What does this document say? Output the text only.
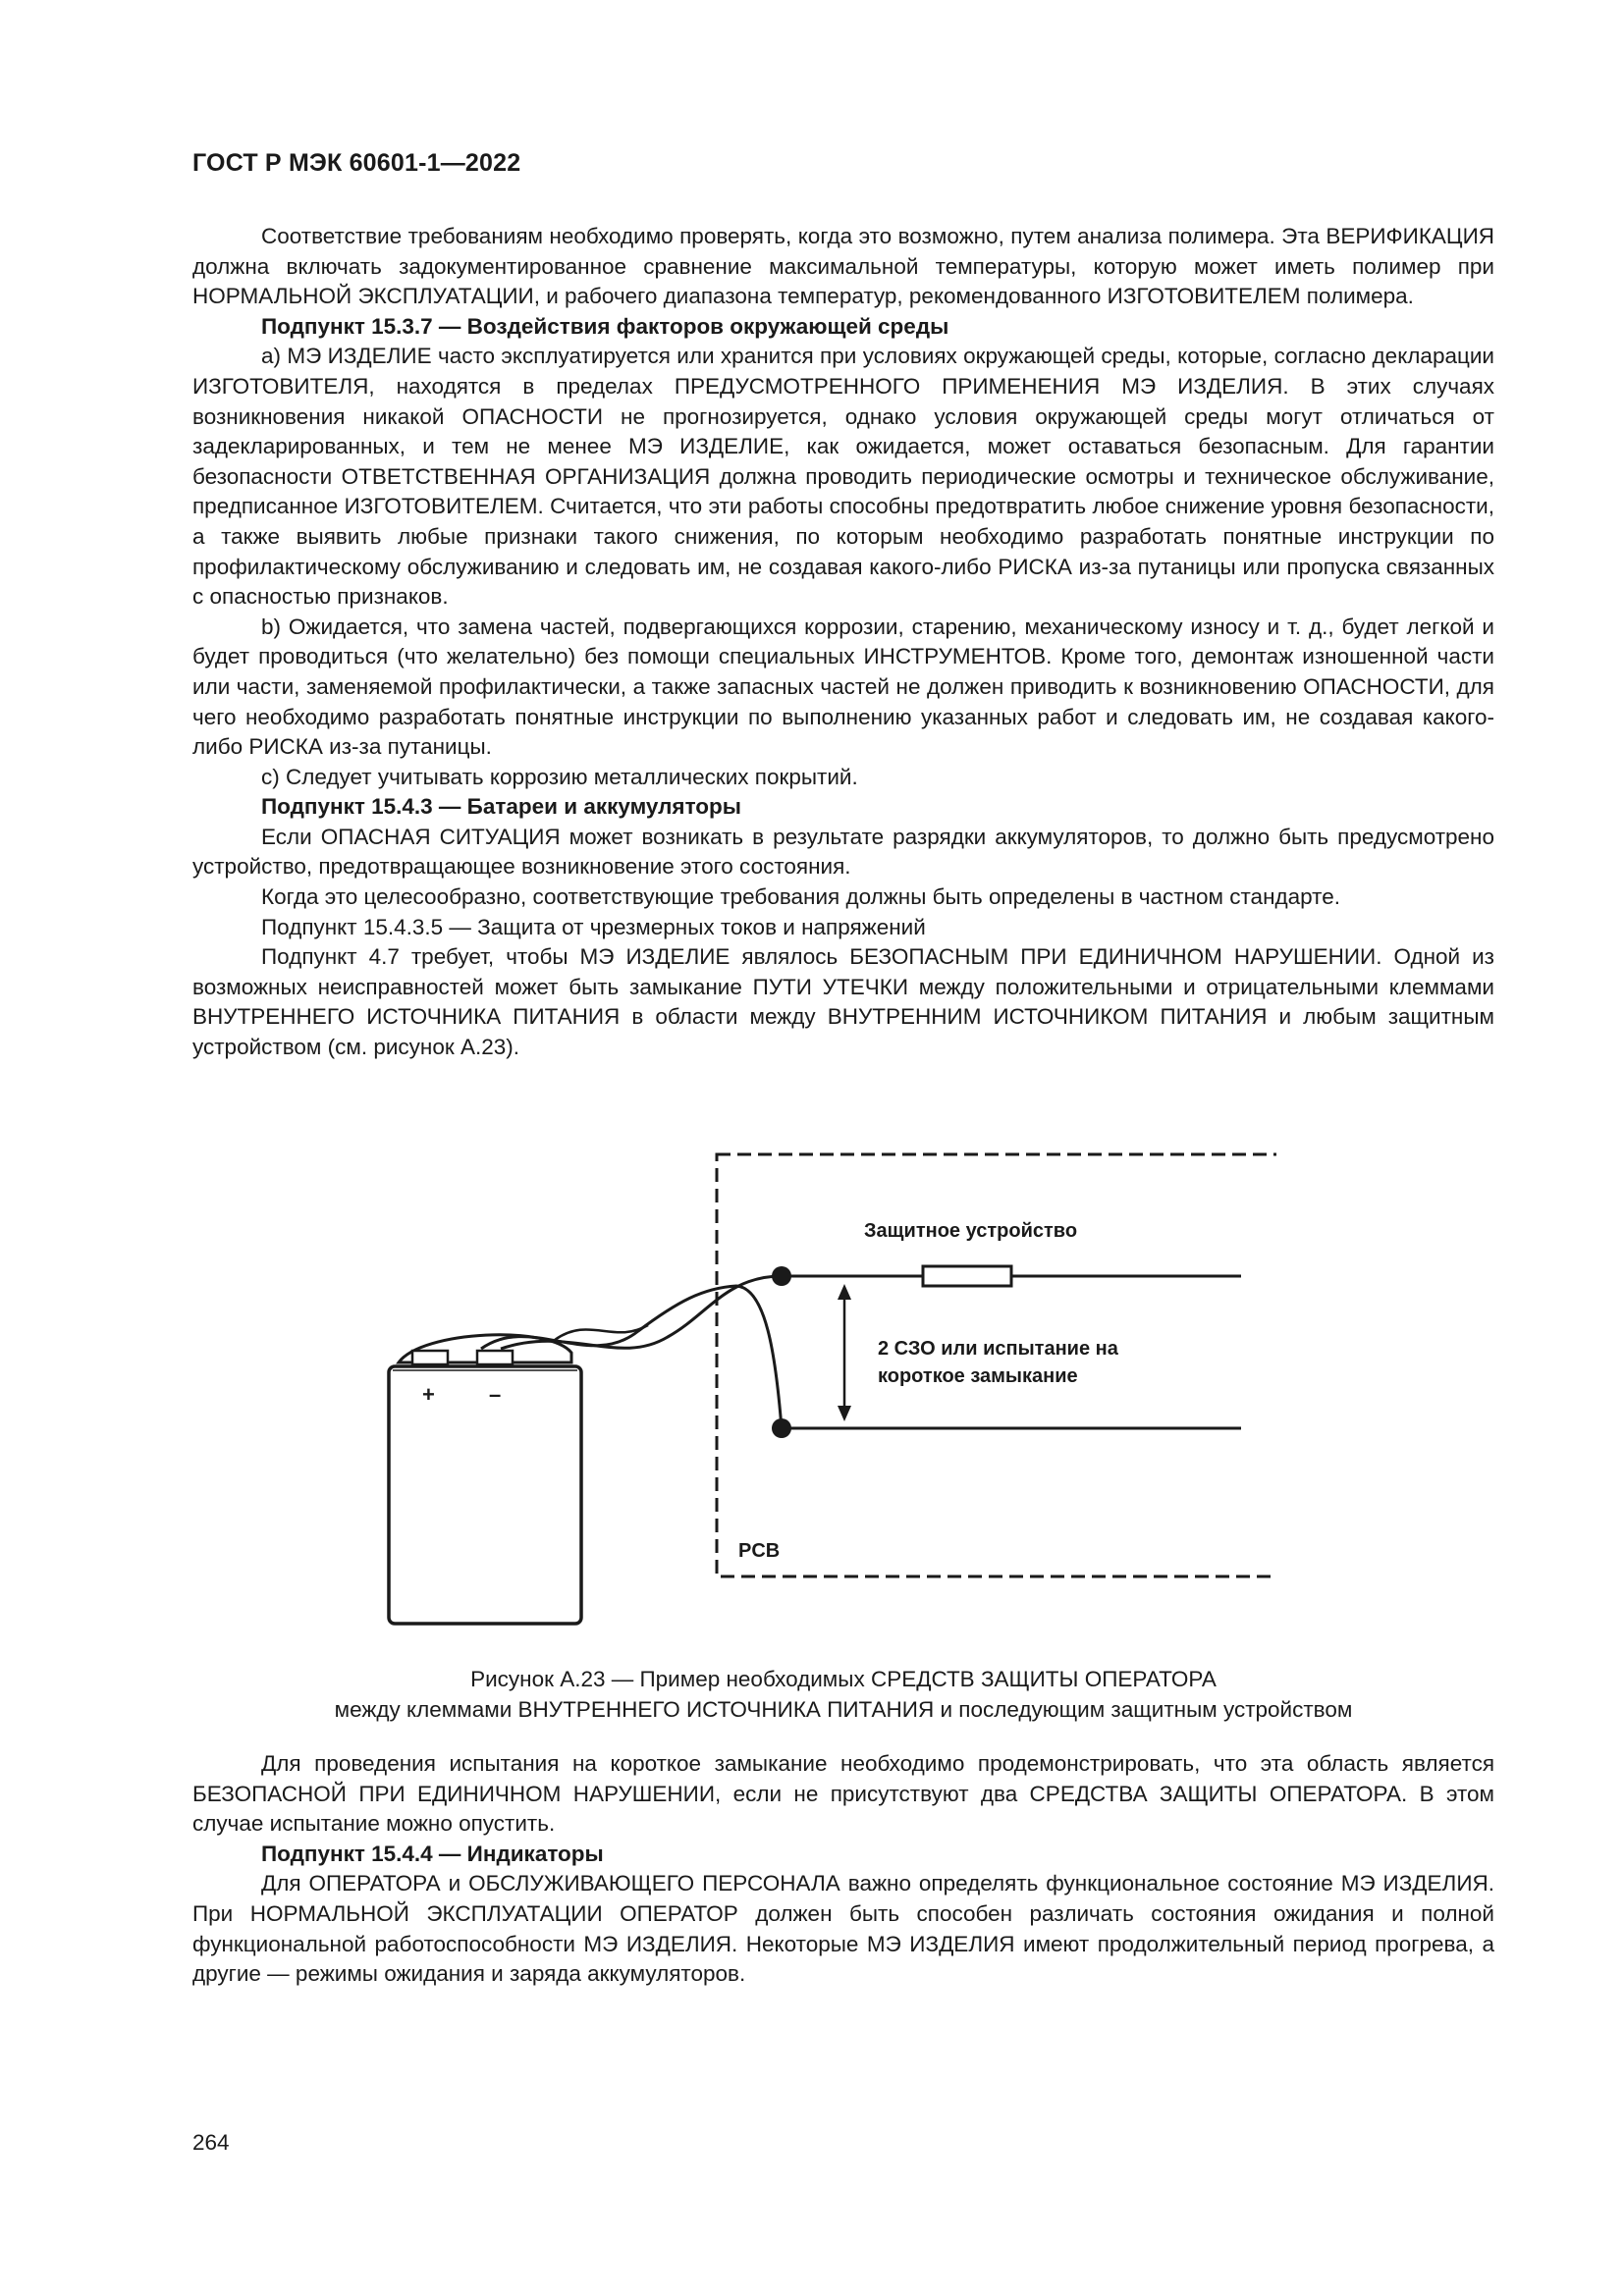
ГОСТ Р МЭК 60601-1—2022

Соответствие требованиям необходимо проверять, когда это возможно, путем анализа полимера. Эта ВЕРИФИКАЦИЯ должна включать задокументированное сравнение максимальной температуры, которую может иметь полимер при НОРМАЛЬНОЙ ЭКСПЛУАТАЦИИ, и рабочего диапазона температур, рекомендованного ИЗГОТОВИТЕЛЕМ полимера.

Подпункт 15.3.7 — Воздействия факторов окружающей среды

a) МЭ ИЗДЕЛИЕ часто эксплуатируется или хранится при условиях окружающей среды, которые, согласно декларации ИЗГОТОВИТЕЛЯ, находятся в пределах ПРЕДУСМОТРЕННОГО ПРИМЕНЕНИЯ МЭ ИЗДЕЛИЯ. В этих случаях возникновения никакой ОПАСНОСТИ не прогнозируется, однако условия окружающей среды могут отличаться от задекларированных, и тем не менее МЭ ИЗДЕЛИЕ, как ожидается, может оставаться безопасным. Для гарантии безопасности ОТВЕТСТВЕННАЯ ОРГАНИЗАЦИЯ должна проводить периодические осмотры и техническое обслуживание, предписанное ИЗГОТОВИТЕЛЕМ. Считается, что эти работы способны предотвратить любое снижение уровня безопасности, а также выявить любые признаки такого снижения, по которым необходимо разработать понятные инструкции по профилактическому обслуживанию и следовать им, не создавая какого-либо РИСКА из-за путаницы или пропуска связанных с опасностью признаков.

b) Ожидается, что замена частей, подвергающихся коррозии, старению, механическому износу и т. д., будет легкой и будет проводиться (что желательно) без помощи специальных ИНСТРУМЕНТОВ. Кроме того, демонтаж изношенной части или части, заменяемой профилактически, а также запасных частей не должен приводить к возникновению ОПАСНОСТИ, для чего необходимо разработать понятные инструкции по выполнению указанных работ и следовать им, не создавая какого-либо РИСКА из-за путаницы.

c) Следует учитывать коррозию металлических покрытий.

Подпункт 15.4.3 — Батареи и аккумуляторы

Если ОПАСНАЯ СИТУАЦИЯ может возникать в результате разрядки аккумуляторов, то должно быть предусмотрено устройство, предотвращающее возникновение этого состояния.

Когда это целесообразно, соответствующие требования должны быть определены в частном стандарте.

Подпункт 15.4.3.5 — Защита от чрезмерных токов и напряжений

Подпункт 4.7 требует, чтобы МЭ ИЗДЕЛИЕ являлось БЕЗОПАСНЫМ ПРИ ЕДИНИЧНОМ НАРУШЕНИИ. Одной из возможных неисправностей может быть замыкание ПУТИ УТЕЧКИ между положительными и отрицательными клеммами ВНУТРЕННЕГО ИСТОЧНИКА ПИТАНИЯ в области между ВНУТРЕННИМ ИСТОЧНИКОМ ПИТАНИЯ и любым защитным устройством (см. рисунок А.23).

PCB
+	–
Защитное устройство
2 СЗО или испытание на
короткое замыкание
Рисунок А.23 — Пример необходимых СРЕДСТВ ЗАЩИТЫ ОПЕРАТОРА
между клеммами ВНУТРЕННЕГО ИСТОЧНИКА ПИТАНИЯ и последующим защитным устройством

Для проведения испытания на короткое замыкание необходимо продемонстрировать, что эта область является БЕЗОПАСНОЙ ПРИ ЕДИНИЧНОМ НАРУШЕНИИ, если не присутствуют два СРЕДСТВА ЗАЩИТЫ ОПЕРАТОРА. В этом случае испытание можно опустить.

Подпункт 15.4.4 — Индикаторы

Для ОПЕРАТОРА и ОБСЛУЖИВАЮЩЕГО ПЕРСОНАЛА важно определять функциональное состояние МЭ ИЗДЕЛИЯ. При НОРМАЛЬНОЙ ЭКСПЛУАТАЦИИ ОПЕРАТОР должен быть способен различать состояния ожидания и полной функциональной работоспособности МЭ ИЗДЕЛИЯ. Некоторые МЭ ИЗДЕЛИЯ имеют продолжительный период прогрева, а другие — режимы ожидания и заряда аккумуляторов.

264
